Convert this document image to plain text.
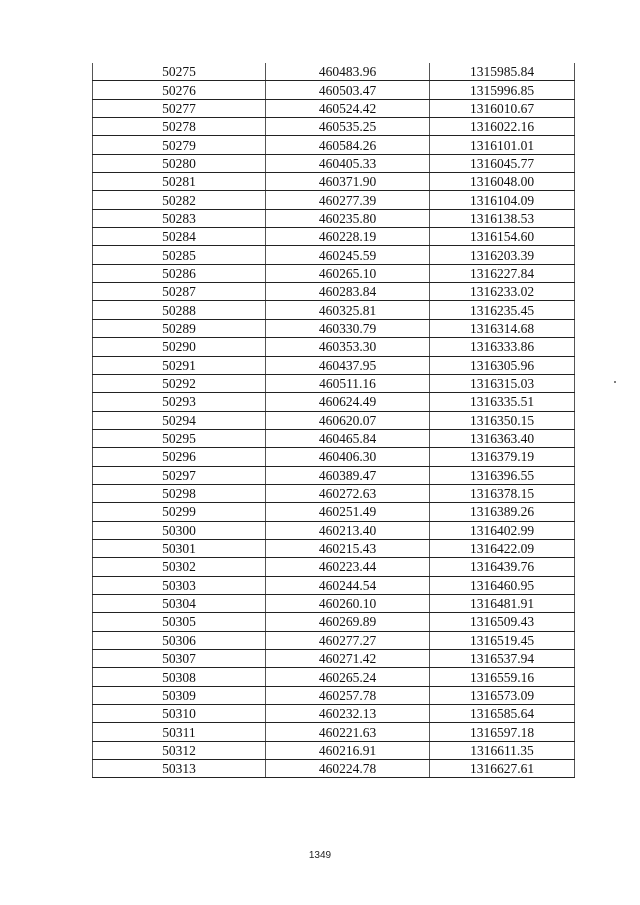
50275	460483.96	1315985.84
50276	460503.47	1315996.85
50277	460524.42	1316010.67
50278	460535.25	1316022.16
50279	460584.26	1316101.01
50280	460405.33	1316045.77
50281	460371.90	1316048.00
50282	460277.39	1316104.09
50283	460235.80	1316138.53
50284	460228.19	1316154.60
50285	460245.59	1316203.39
50286	460265.10	1316227.84
50287	460283.84	1316233.02
50288	460325.81	1316235.45
50289	460330.79	1316314.68
50290	460353.30	1316333.86
50291	460437.95	1316305.96
50292	460511.16	1316315.03
50293	460624.49	1316335.51
50294	460620.07	1316350.15
50295	460465.84	1316363.40
50296	460406.30	1316379.19
50297	460389.47	1316396.55
50298	460272.63	1316378.15
50299	460251.49	1316389.26
50300	460213.40	1316402.99
50301	460215.43	1316422.09
50302	460223.44	1316439.76
50303	460244.54	1316460.95
50304	460260.10	1316481.91
50305	460269.89	1316509.43
50306	460277.27	1316519.45
50307	460271.42	1316537.94
50308	460265.24	1316559.16
50309	460257.78	1316573.09
50310	460232.13	1316585.64
50311	460221.63	1316597.18
50312	460216.91	1316611.35
50313	460224.78	1316627.61
1349
